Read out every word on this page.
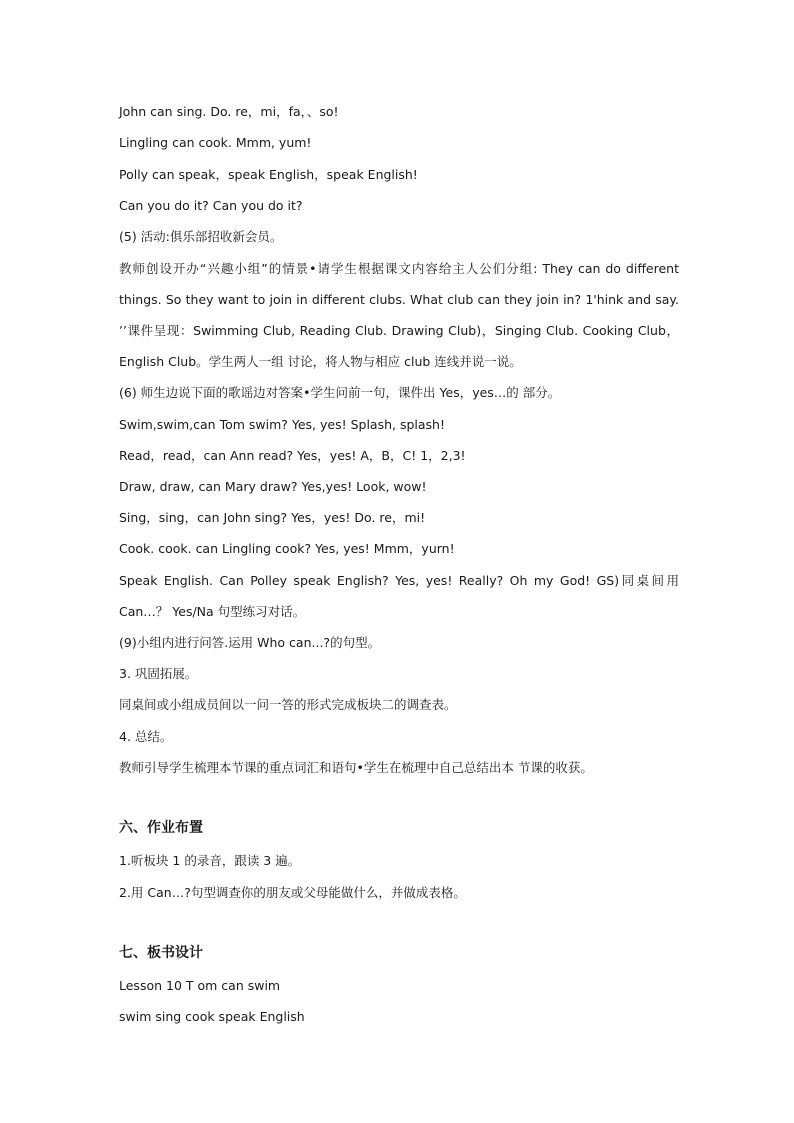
John can sing. Do. re，mi，fa，、so!
Lingling can cook. Mmm, yum!
Polly can speak，speak English，speak English!
Can you do it? Can you do it?
(5) 活动:俱乐部招收新会员。
教师创设开办“兴趣小组”的情景•请学生根据课文内容给主人公们分组: They can do different things. So they want to join in different clubs. What club can they join in? 1'hink and say. ’’课件呈现：Swimming Club, Reading Club. Drawing Club)，Singing Club. Cooking Club，English Club。学生两人一组 讨论，将人物与相应 club 连线并说一说。
(6) 师生边说下面的歌谣边对答案•学生问前一句，课件出 Yes，yes…的 部分。
Swim,swim,can Tom swim? Yes, yes! Splash, splash!
Read，read，can Ann read? Yes，yes! A，B，C! 1，2,3!
Draw, draw, can Mary draw? Yes,yes! Look, wow!
Sing，sing，can John sing? Yes，yes! Do. re，mi!
Cook. cook. can Lingling cook? Yes, yes! Mmm，yurn!
Speak English. Can Polley speak English? Yes, yes! Really? Oh my God! GS)同桌间用 Can…？ Yes/Na 句型练习对话。
(9)小组内进行问答.运用 Who can...?的句型。
3. 巩固拓展。
同桌间或小组成员间以一问一答的形式完成板块二的调查表。
4. 总结。
教师引导学生梳理本节课的重点词汇和语句•学生在梳理中自己总结出本 节课的收获。
六、作业布置
1.听板块 1 的录音，跟读 3 遍。
2.用 Can…?句型调查你的朋友或父母能做什么，并做成表格。
七、板书设计
Lesson 10 T om can swim
swim sing cook speak English
